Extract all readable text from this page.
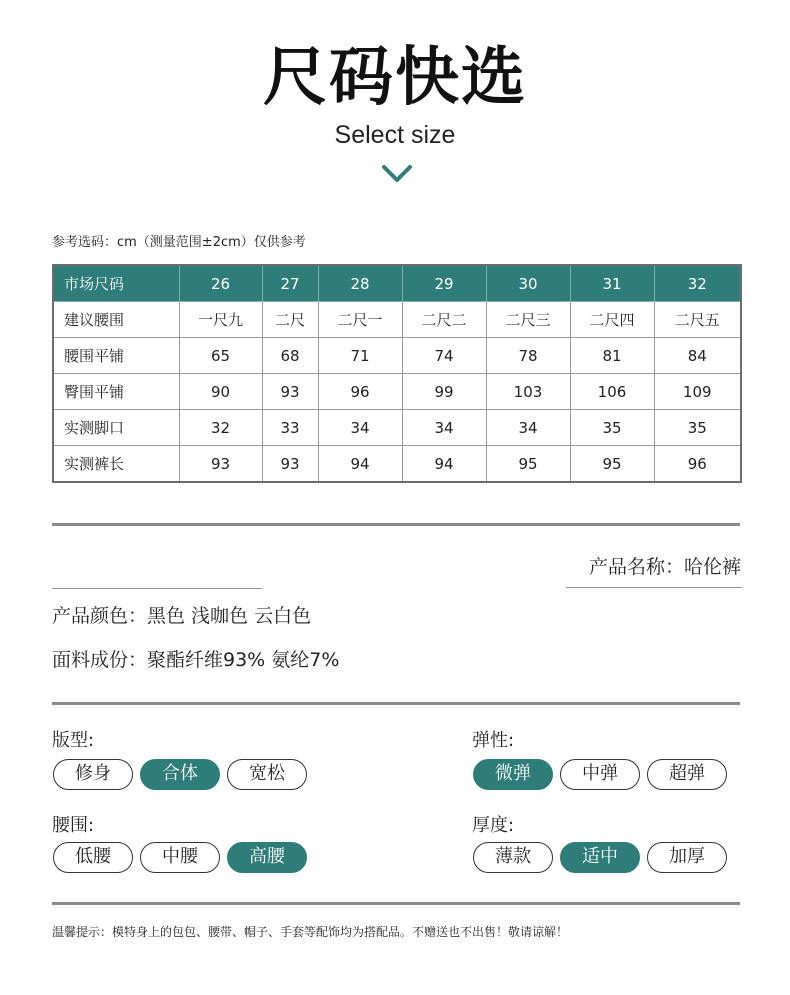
尺码快选
Select size
参考选码：cm（测量范围±2cm）仅供参考
市场尺码	26	27	28	29	30	31	32
建议腰围	一尺九	二尺	二尺一	二尺二	二尺三	二尺四	二尺五
腰围平铺	65	68	71	74	78	81	84
臀围平铺	90	93	96	99	103	106	109
实测脚口	32	33	34	34	34	35	35
实测裤长	93	93	94	94	95	95	96
产品名称：哈伦裤
产品颜色：黑色 浅咖色 云白色
面料成份：聚酯纤维93% 氨纶7%
版型:
修身	合体	宽松
弹性:
微弹	中弹	超弹
腰围:
低腰	中腰	高腰
厚度:
薄款	适中	加厚
温馨提示：模特身上的包包、腰带、帽子、手套等配饰均为搭配品。不赠送也不出售！敬请谅解！
